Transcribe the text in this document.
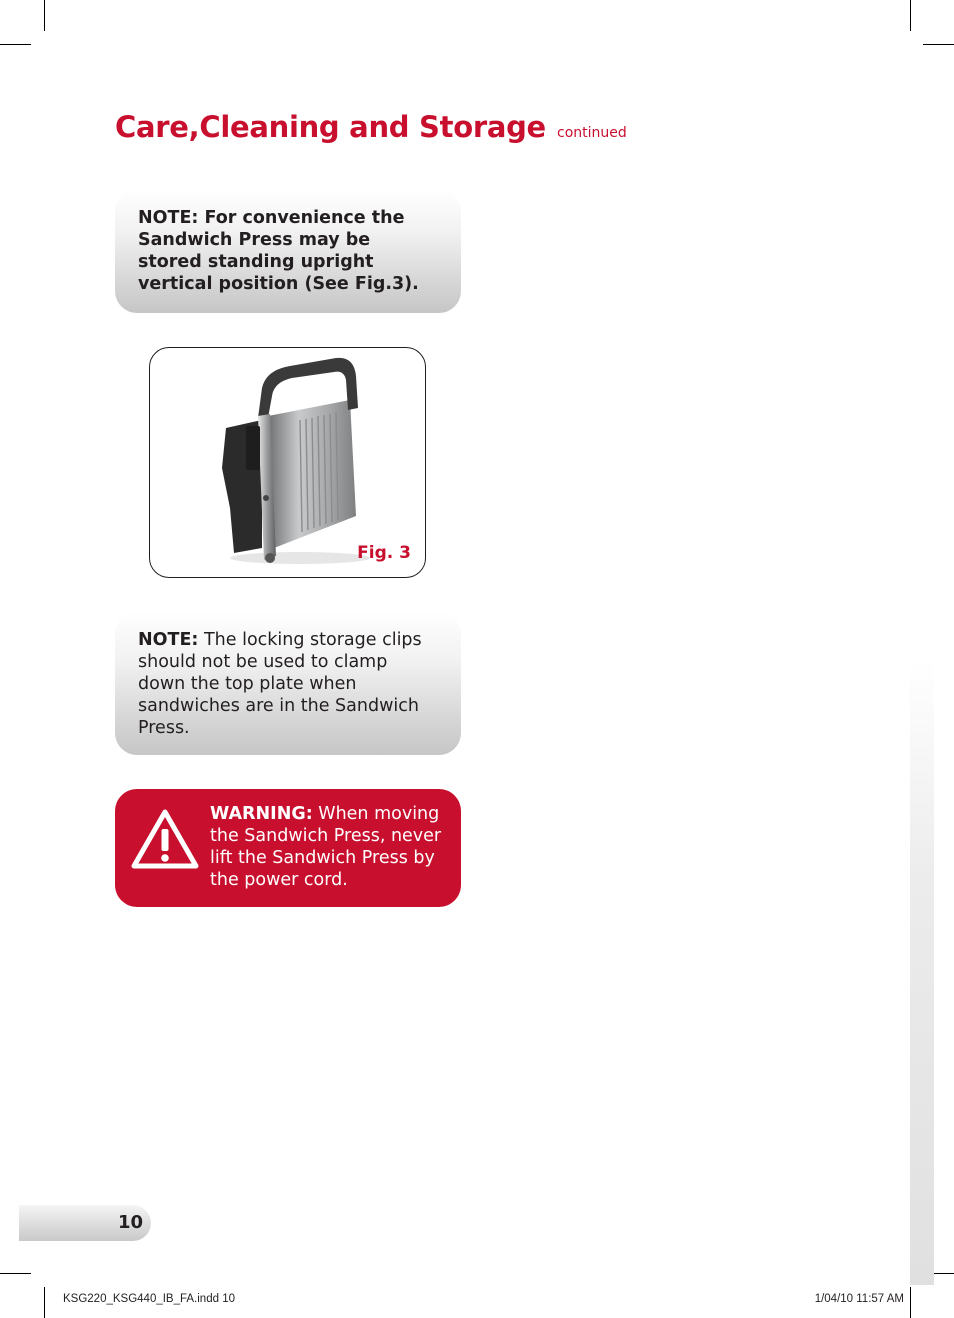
Care,Cleaning and Storage continued

NOTE: For convenience the Sandwich Press may be stored standing upright vertical position (See Fig.3).

Fig. 3

NOTE: The locking storage clips should not be used to clamp down the top plate when sandwiches are in the Sandwich Press.

WARNING: When moving the Sandwich Press, never lift the Sandwich Press by the power cord.

10
KSG220_KSG440_IB_FA.indd 10	1/04/10 11:57 AM
